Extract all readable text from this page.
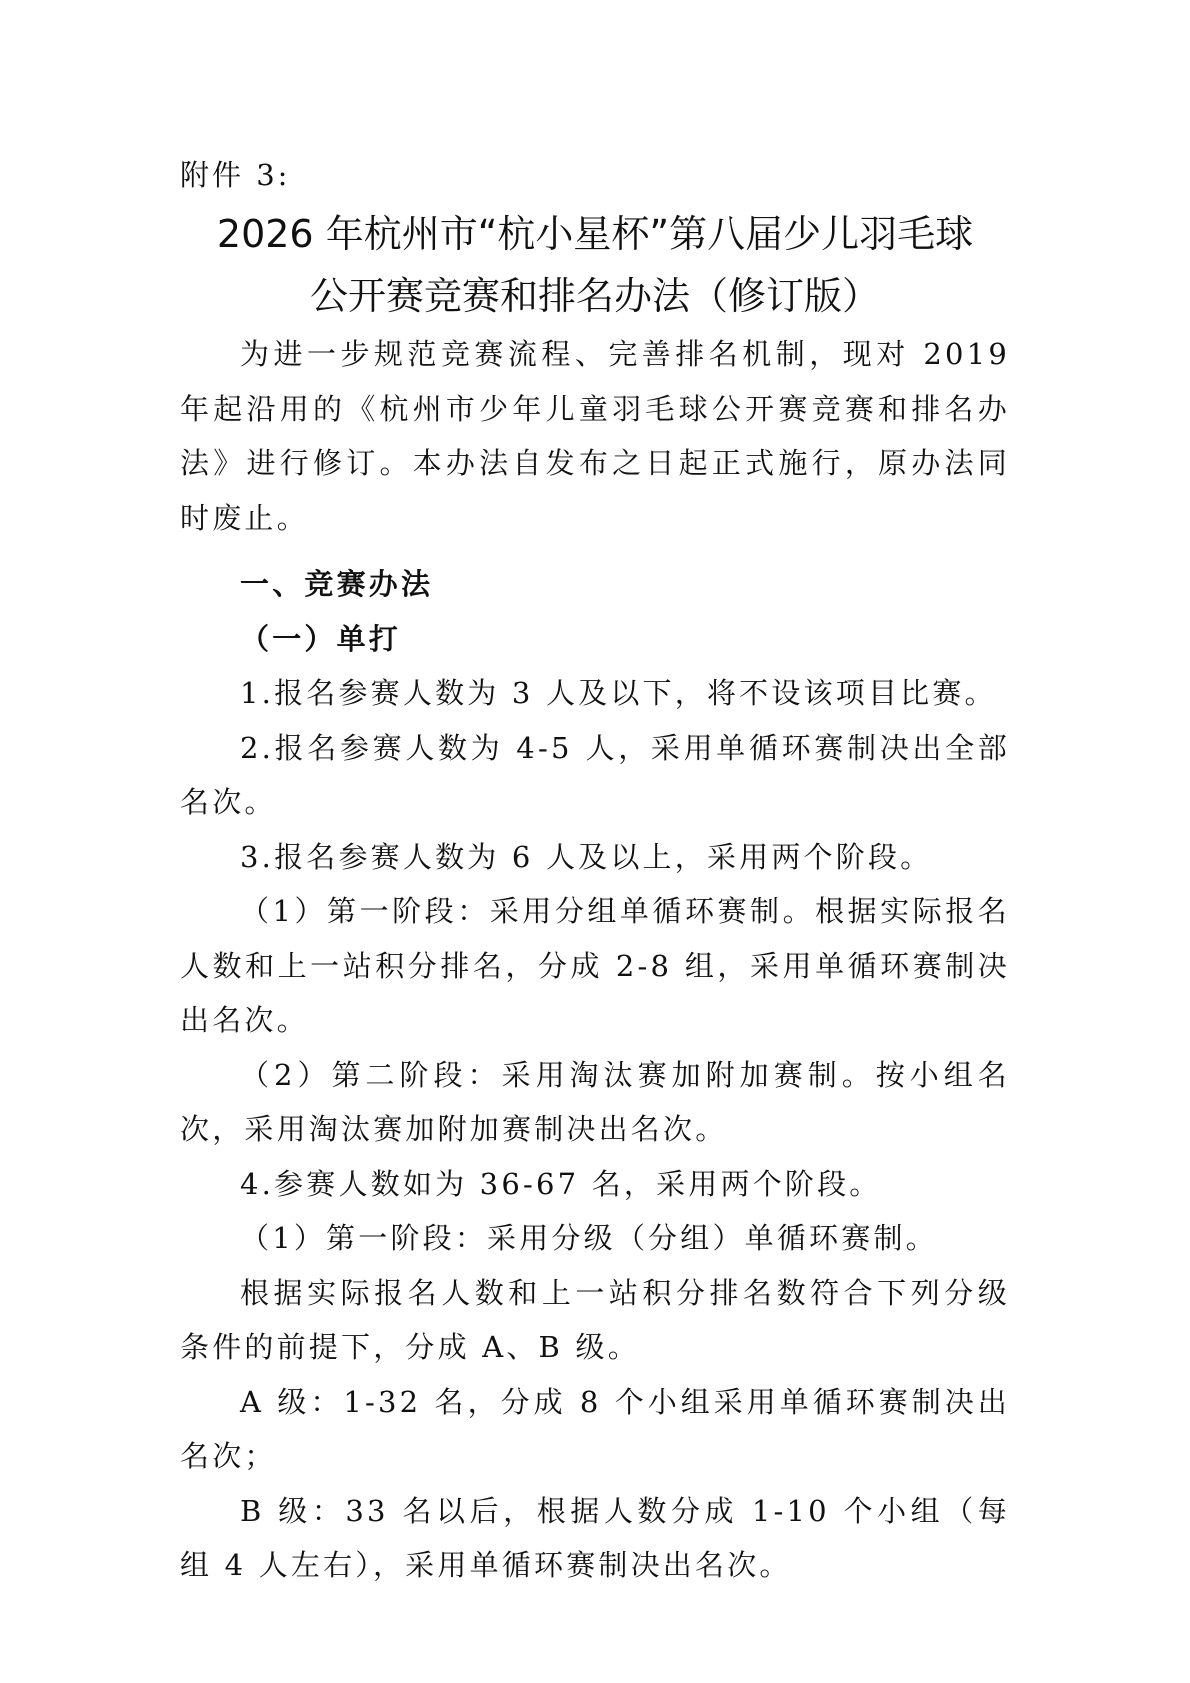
附件 3:
2026 年杭州市“杭小星杯”第八届少儿羽毛球
公开赛竞赛和排名办法（修订版）

为进一步规范竞赛流程、完善排名机制，现对 2019 年起沿用的《杭州市少年儿童羽毛球公开赛竞赛和排名办法》进行修订。本办法自发布之日起正式施行，原办法同时废止。

一、竞赛办法

（一）单打

1.报名参赛人数为 3 人及以下，将不设该项目比赛。

2.报名参赛人数为 4-5 人，采用单循环赛制决出全部名次。

3.报名参赛人数为 6 人及以上，采用两个阶段。

（1）第一阶段：采用分组单循环赛制。根据实际报名人数和上一站积分排名，分成 2-8 组，采用单循环赛制决出名次。

（2）第二阶段：采用淘汰赛加附加赛制。按小组名次，采用淘汰赛加附加赛制决出名次。

4.参赛人数如为 36-67 名，采用两个阶段。

（1）第一阶段：采用分级（分组）单循环赛制。

根据实际报名人数和上一站积分排名数符合下列分级条件的前提下，分成 A、B 级。

A 级：1-32 名，分成 8 个小组采用单循环赛制决出名次；

B 级：33 名以后，根据人数分成 1-10 个小组（每组 4 人左右），采用单循环赛制决出名次。
